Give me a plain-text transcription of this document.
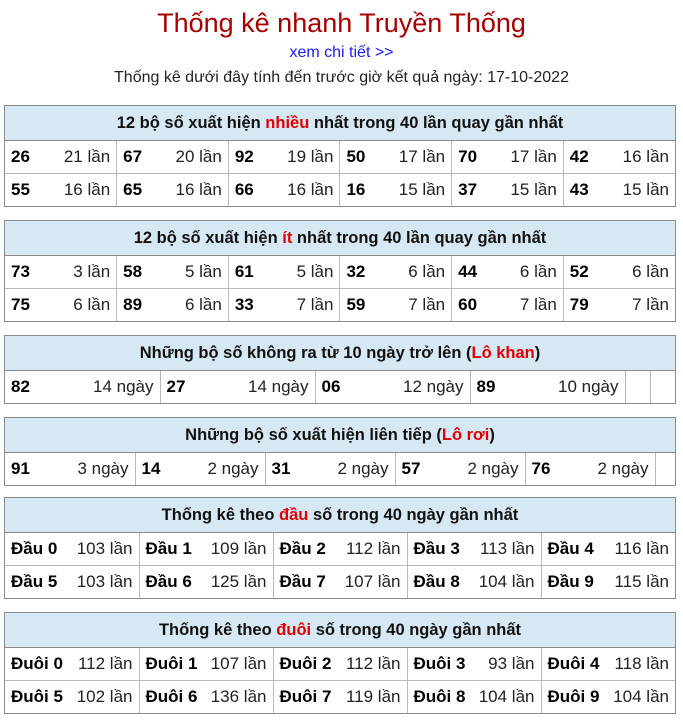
Thống kê nhanh Truyền Thống
xem chi tiết >>
Thống kê dưới đây tính đến trước giờ kết quả ngày: 17-10-2022
12 bộ số xuất hiện nhiều nhất trong 40 lần quay gần nhất
26 21 lần	67 20 lần	92 19 lần	50 17 lần	70 17 lần	42 16 lần

55 16 lần	65 16 lần	66 16 lần	16 15 lần	37 15 lần	43 15 lần
12 bộ số xuất hiện ít nhất trong 40 lần quay gần nhất
73 3 lần	58 5 lần	61 5 lần	32 6 lần	44 6 lần	52 6 lần

75 6 lần	89 6 lần	33 7 lần	59 7 lần	60 7 lần	79 7 lần
Những bộ số không ra từ 10 ngày trở lên (Lô khan)
82	14 ngày	27	14 ngày	06	12 ngày	89	10 ngày

Những bộ số xuất hiện liên tiếp (Lô rơi)
91	3 ngày	14	2 ngày	31	2 ngày	57	2 ngày	76	2 ngày

Thống kê theo đầu số trong 40 ngày gần nhất
Đầu 0 103 lần	Đầu 1 109 lần	Đầu 2 112 lần	Đầu 3 113 lần	Đầu 4 116 lần

Đầu 5 103 lần	Đầu 6 125 lần	Đầu 7 107 lần	Đầu 8 104 lần	Đầu 9 115 lần
Thống kê theo đuôi số trong 40 ngày gần nhất
Đuôi 0 112 lần	Đuôi 1 107 lần	Đuôi 2 112 lần	Đuôi 3 93 lần	Đuôi 4 118 lần

Đuôi 5 102 lần	Đuôi 6 136 lần	Đuôi 7 119 lần	Đuôi 8 104 lần	Đuôi 9 104 lần
